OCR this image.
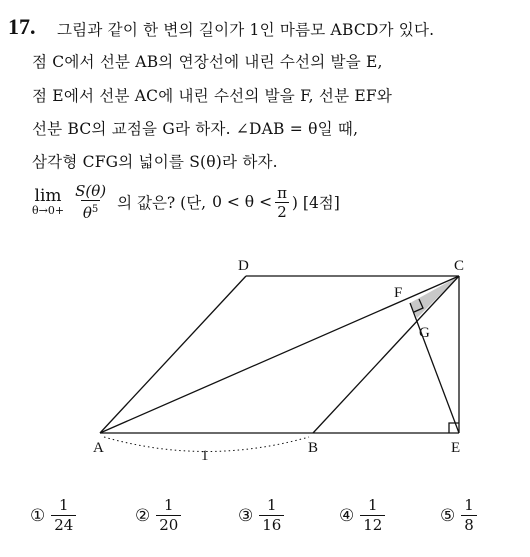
17. 그림과 같이 한 변의 길이가 1인 마름모 ABCD가 있다.
점 C에서 선분 AB의 연장선에 내린 수선의 발을 E,
점 E에서 선분 AC에 내린 수선의 발을 F, 선분 EF와
선분 BC의 교점을 G라 하자. ∠DAB = θ일 때,
삼각형 CFG의 넓이를 S(θ)라 하자.
lim
$\theta\to 0+ \frac{S(\theta)}{\theta^5}$ 의 값은? (단, $0 < \theta < \frac{\pi}{2}$ ) [4점]
A	B	E
D	C
F
G
1
① $\frac{1}{24}$	② $\frac{1}{20}$	③ $\frac{1}{16}$	④ $\frac{1}{12}$	⑤ $\frac{1}{8}$
